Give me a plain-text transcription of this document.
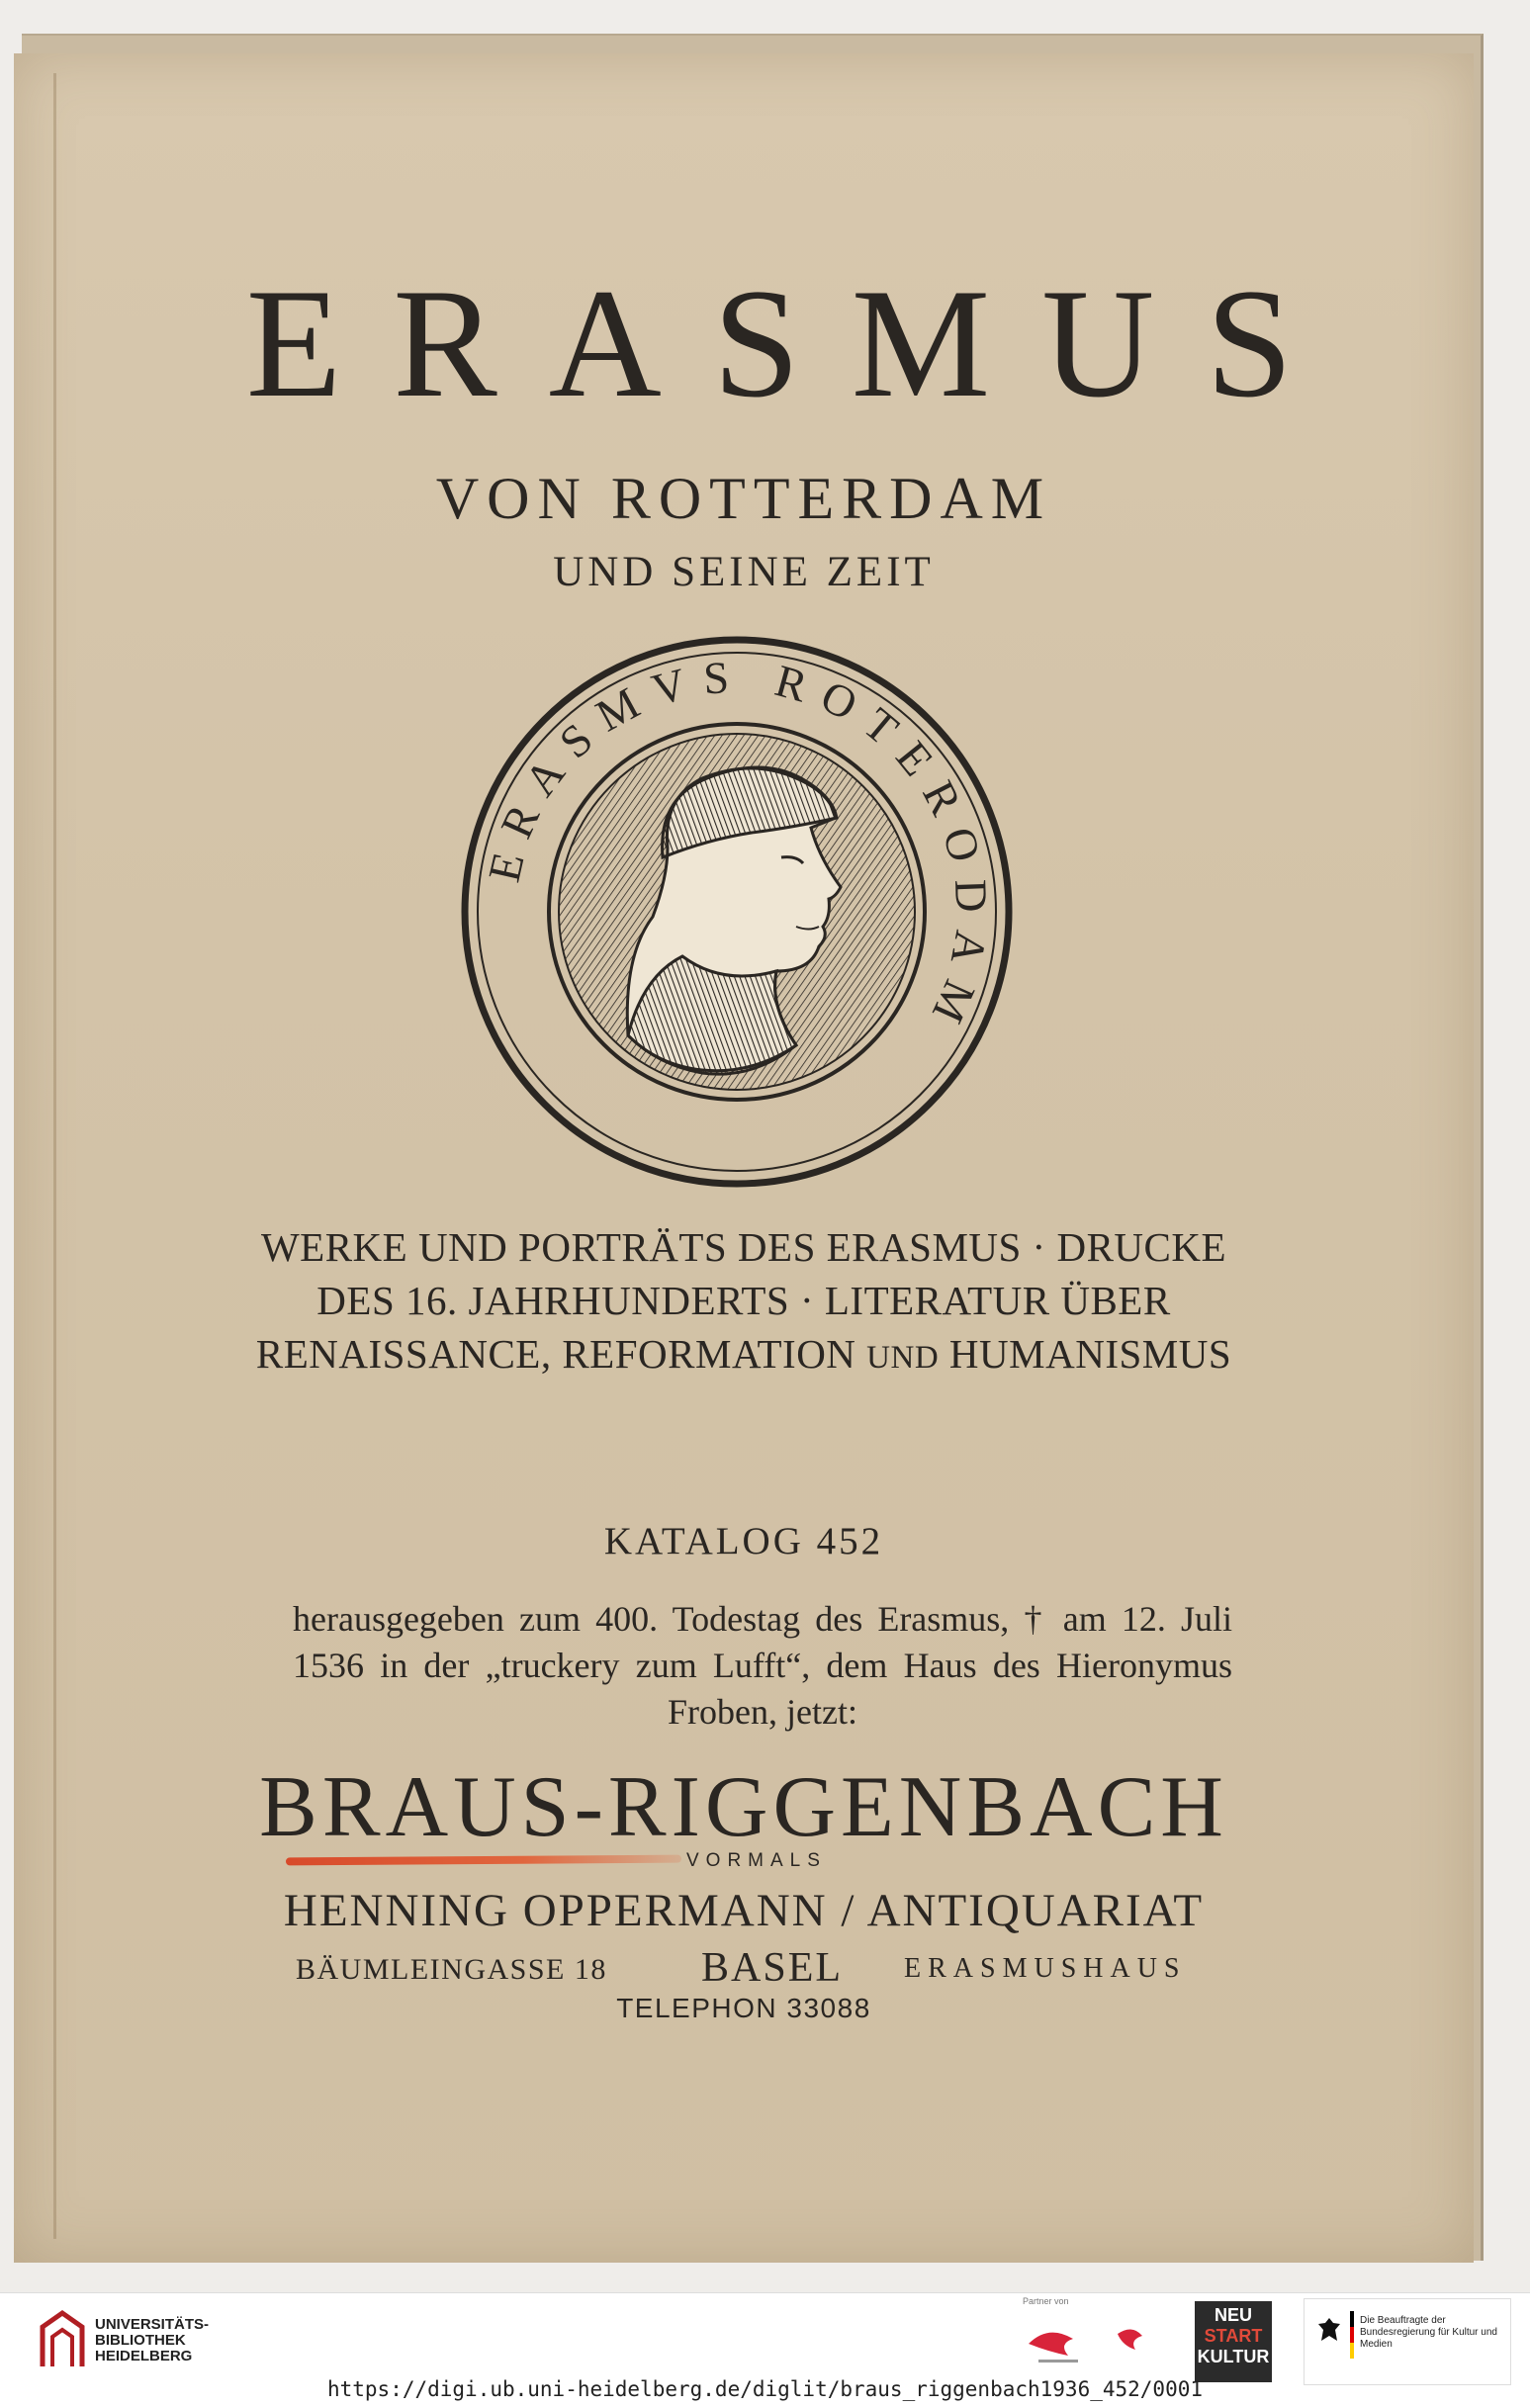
ERASMUS
VON ROTTERDAM
UND SEINE ZEIT
ERASMVS ROTERODAM
WERKE UND PORTRÄTS DES ERASMUS · DRUCKE
DES 16. JAHRHUNDERTS · LITERATUR ÜBER
RENAISSANCE, REFORMATION UND HUMANISMUS
KATALOG 452
herausgegeben zum 400. Todestag des Erasmus, † am 12. Juli 1536 in der „truckery zum Lufft“, dem Haus des Hieronymus Froben, jetzt:
BRAUS-RIGGENBACH
VORMALS
HENNING OPPERMANN / ANTIQUARIAT
BÄUMLEINGASSE 18 BASEL ERASMUSHAUS
TELEPHON 33088
UNIVERSITÄTS-
BIBLIOTHEK
HEIDELBERG
Partner von
NEU
START
KULTUR
Die Beauftragte der Bundesregierung für Kultur und Medien
https://digi.ub.uni-heidelberg.de/diglit/braus_riggenbach1936_452/0001
